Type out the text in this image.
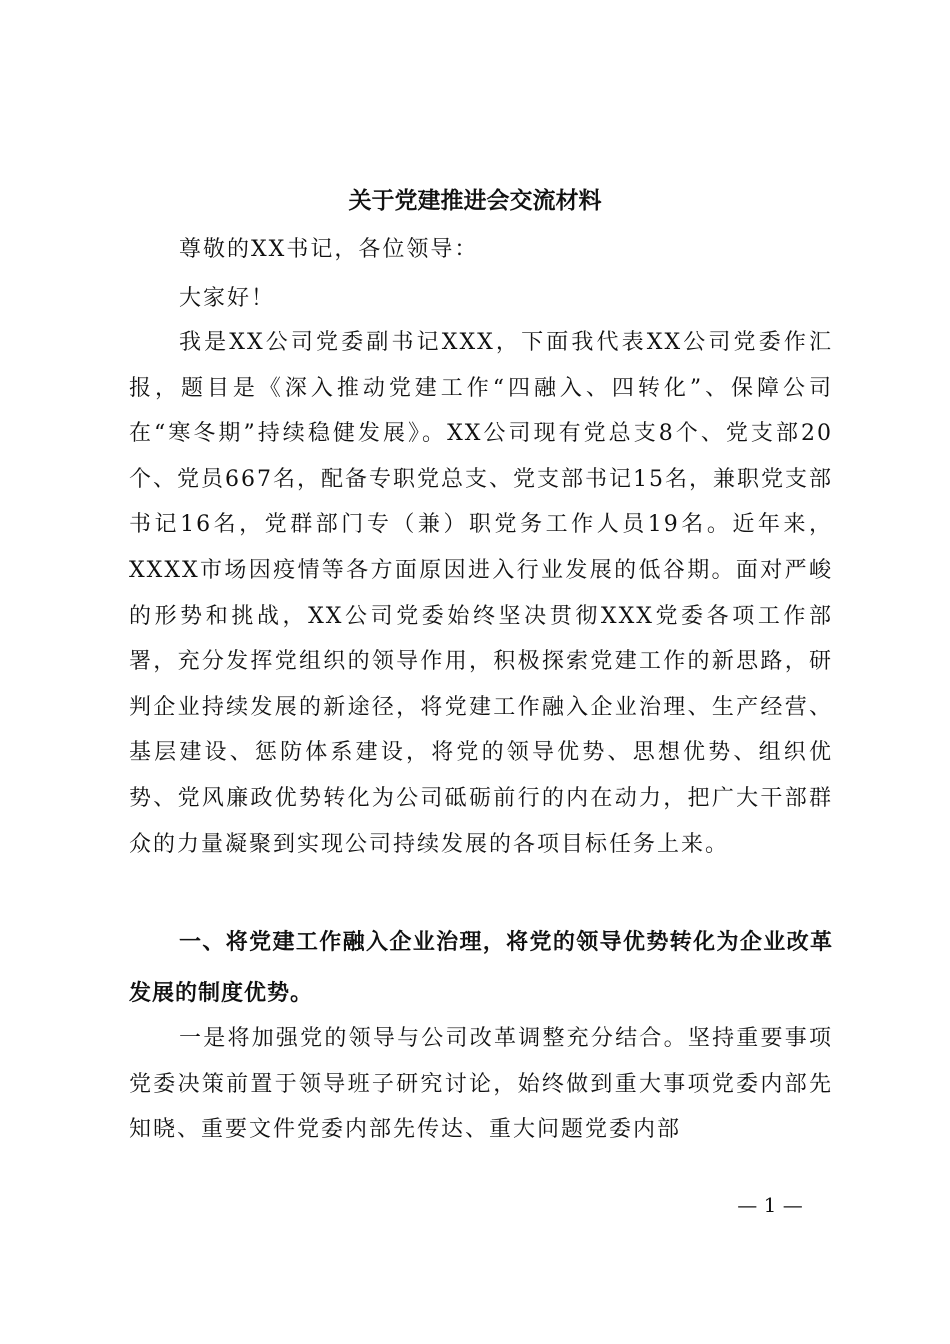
关于党建推进会交流材料

尊敬的XX书记，各位领导：

大家好！

我是XX公司党委副书记XXX，下面我代表XX公司党委作汇报，题目是《深入推动党建工作“四融入、四转化”、保障公司在“寒冬期”持续稳健发展》。XX公司现有党总支8个、党支部20个、党员667名，配备专职党总支、党支部书记15名，兼职党支部书记16名，党群部门专（兼）职党务工作人员19名。近年来，XXXX市场因疫情等各方面原因进入行业发展的低谷期。面对严峻的形势和挑战，XX公司党委始终坚决贯彻XXX党委各项工作部署，充分发挥党组织的领导作用，积极探索党建工作的新思路，研判企业持续发展的新途径，将党建工作融入企业治理、生产经营、基层建设、惩防体系建设，将党的领导优势、思想优势、组织优势、党风廉政优势转化为公司砥砺前行的内在动力，把广大干部群众的力量凝聚到实现公司持续发展的各项目标任务上来。

一、将党建工作融入企业治理，将党的领导优势转化为企业改革发展的制度优势。

一是将加强党的领导与公司改革调整充分结合。坚持重要事项党委决策前置于领导班子研究讨论，始终做到重大事项党委内部先知晓、重要文件党委内部先传达、重大问题党委内部

— 1 —
